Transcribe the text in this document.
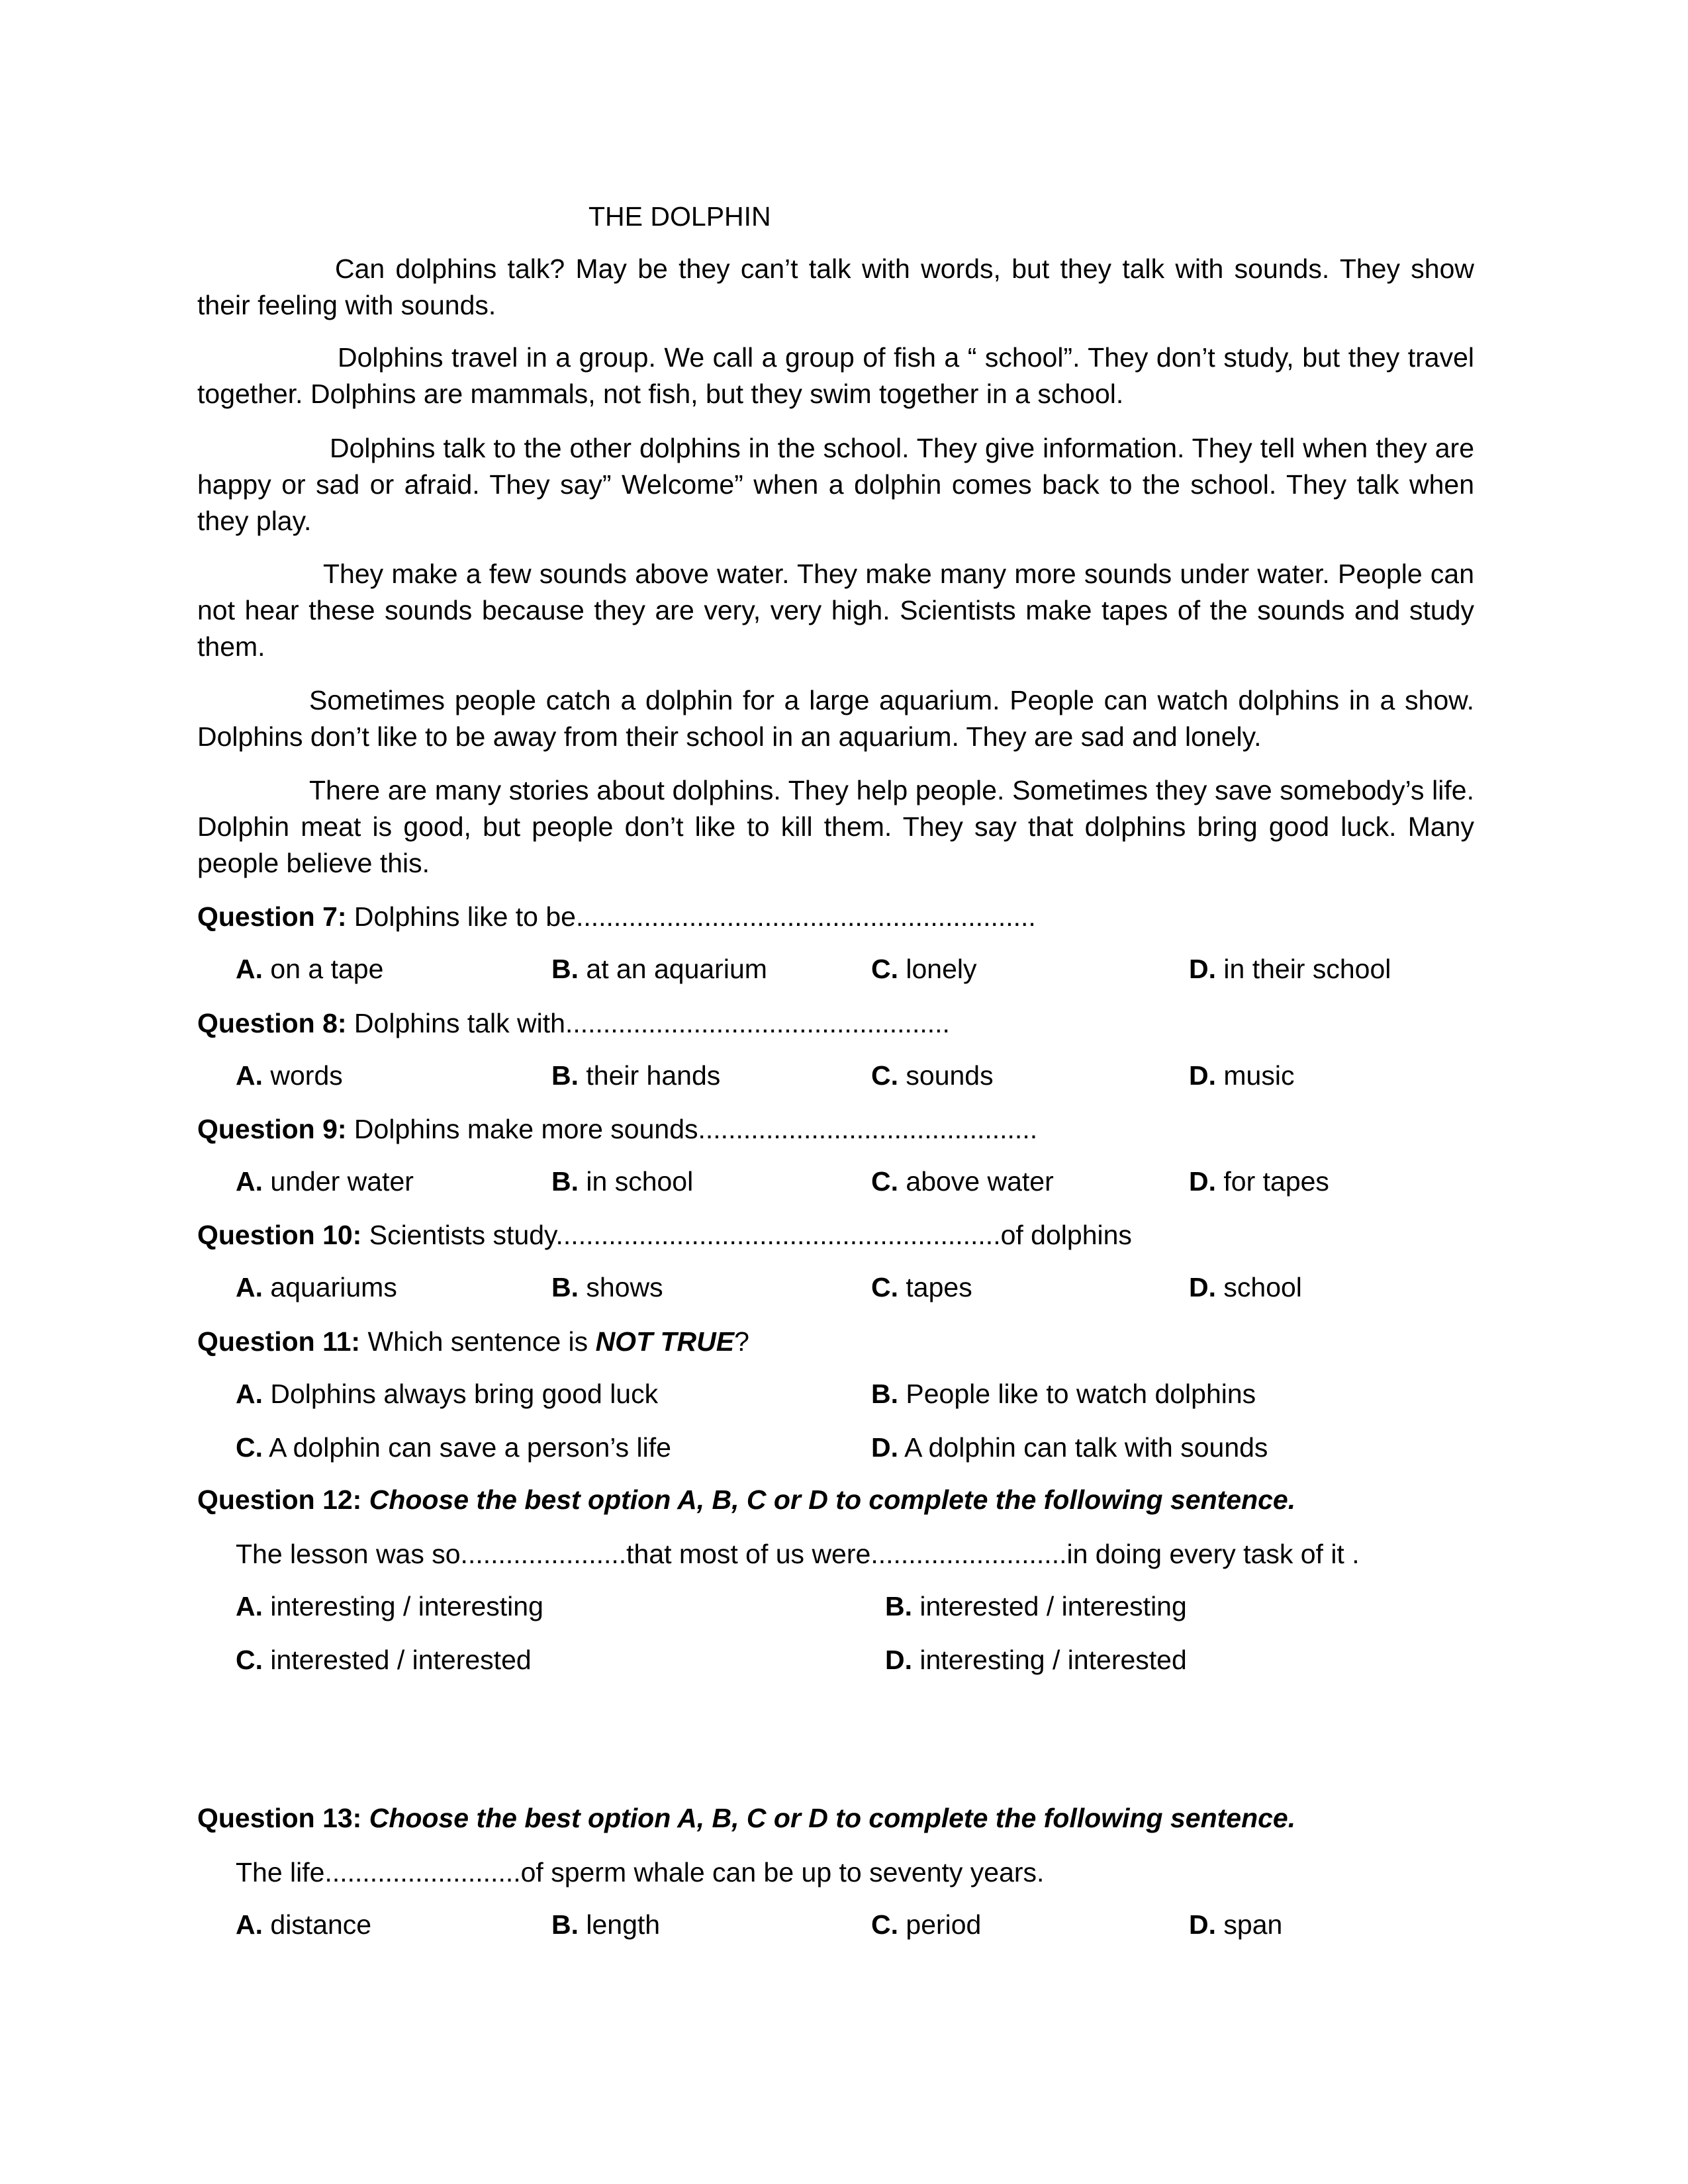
THE DOLPHIN
Can dolphins talk? May be they can’t talk with words, but they talk with sounds. They show their feeling with sounds.
Dolphins travel in a group. We call a group of fish a “ school”. They don’t study, but they travel together. Dolphins are mammals, not fish, but they swim together in a school.
Dolphins talk to the other dolphins in the school. They give information. They tell when they are happy or sad or afraid. They say” Welcome” when a dolphin comes back to the school. They talk when they play.
They make a few sounds above water. They make many more sounds under water. People can not hear these sounds because they are very, very high. Scientists make tapes of the sounds and study them.
Sometimes people catch a dolphin for a large aquarium. People can watch dolphins in a show. Dolphins don’t like to be away from their school in an aquarium. They are sad and lonely.
There are many stories about dolphins. They help people. Sometimes they save somebody’s life. Dolphin meat is good, but people don’t like to kill them. They say that dolphins bring good luck. Many people believe this.
Question 7: Dolphins like to be.............................................................
A. on a tape	B. at an aquarium	C. lonely	D. in their school
Question 8: Dolphins talk with...................................................
A. words	B. their hands	C. sounds	D. music
Question 9: Dolphins make more sounds.............................................
A. under water	B. in school	C. above water	D. for tapes
Question 10: Scientists study...........................................................of dolphins
A. aquariums	B. shows	C. tapes	D. school
Question 11: Which sentence is NOT TRUE?
A. Dolphins always bring good luck	B. People like to watch dolphins
C. A dolphin can save a person’s life	D. A dolphin can talk with sounds
Question 12: Choose the best option A, B, C or D to complete the following sentence.
The lesson was so......................that most of us were..........................in doing every task of it .
A. interesting / interesting	B. interested / interesting
C. interested / interested	D. interesting / interested
Question 13: Choose the best option A, B, C or D to complete the following sentence.
The life..........................of sperm whale can be up to seventy years.
A. distance	B. length	C. period	D. span
